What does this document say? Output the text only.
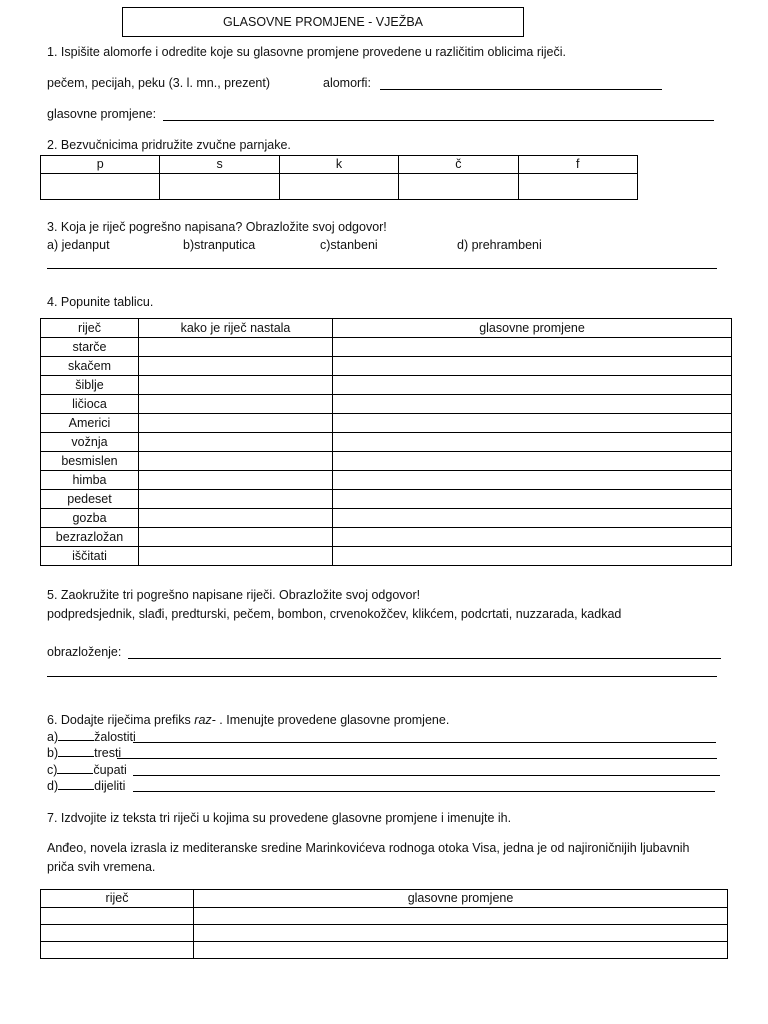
GLASOVNE PROMJENE - VJEŽBA
1. Ispišite alomorfe i odredite koje su glasovne promjene provedene u različitim oblicima riječi.
pečem, pecijah, peku (3. l. mn., prezent)	alomorfi:
glasovne promjene:
2. Bezvučnicima pridružite zvučne parnjake.
p	s	k	č	f

3. Koja je riječ pogrešno napisana? Obrazložite svoj odgovor!
a) jedanput	b)stranputica	c)stanbeni	d) prehrambeni
4. Popunite tablicu.
riječ	kako je riječ nastala	glasovne promjene
starče		
skačem		
šiblje		
ličioca		
Americi		
vožnja		
besmislen		
himba		
pedeset		
gozba		
bezrazložan		
iščitati		
5. Zaokružite tri pogrešno napisane riječi. Obrazložite svoj odgovor!
podpredsjednik, slađi, predturski, pečem, bombon, crvenokožčev, klikćem, podcrtati, nuzzarada, kadkad
obrazloženje:
6. Dodajte riječima prefiks raz- . Imenujte provedene glasovne promjene.
a)	žalostiti
b)	tresti
c)	čupati
d)	dijeliti
7. Izdvojite iz teksta tri riječi u kojima su provedene glasovne promjene i imenujte ih.
Anđeo, novela izrasla iz mediteranske sredine Marinkovićeva rodnoga otoka Visa, jedna je od najironičnijih ljubavnih
priča svih vremena.
riječ	glasovne promjene
